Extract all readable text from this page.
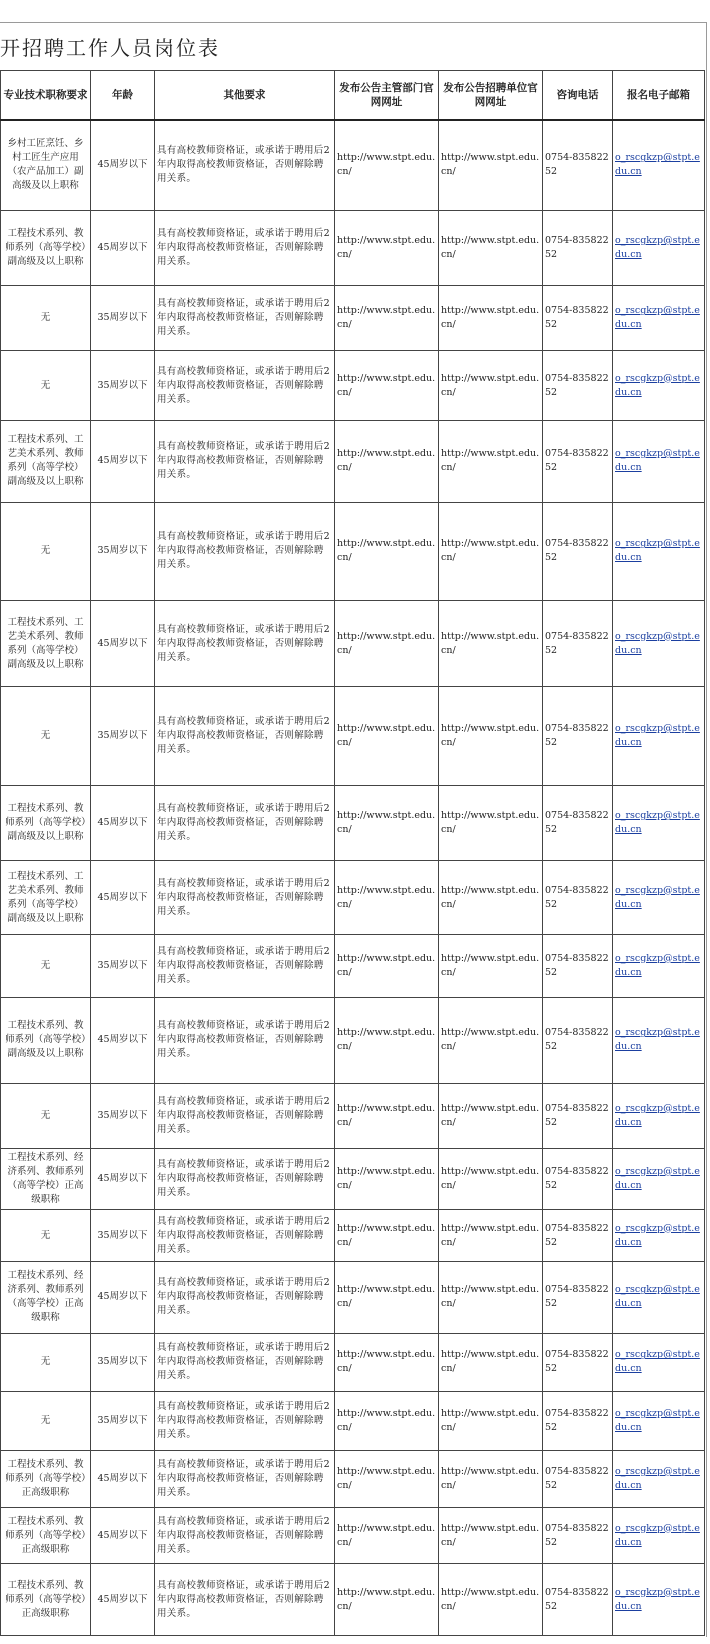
开招聘工作人员岗位表
专业技术职称要求	年龄	其他要求	发布公告主管部门官网网址	发布公告招聘单位官网网址	咨询电话	报名电子邮箱
乡村工匠烹饪、乡村工匠生产应用（农产品加工）副高级及以上职称	45周岁以下	具有高校教师资格证，或承诺于聘用后2年内取得高校教师资格证，否则解除聘用关系。	http://www.stpt.edu.cn/	http://www.stpt.edu.cn/	0754-83582252	o_rscgkzp@stpt.edu.cn
工程技术系列、教师系列（高等学校）副高级及以上职称	45周岁以下	具有高校教师资格证，或承诺于聘用后2年内取得高校教师资格证，否则解除聘用关系。	http://www.stpt.edu.cn/	http://www.stpt.edu.cn/	0754-83582252	o_rscgkzp@stpt.edu.cn
无	35周岁以下	具有高校教师资格证，或承诺于聘用后2年内取得高校教师资格证，否则解除聘用关系。	http://www.stpt.edu.cn/	http://www.stpt.edu.cn/	0754-83582252	o_rscgkzp@stpt.edu.cn
无	35周岁以下	具有高校教师资格证，或承诺于聘用后2年内取得高校教师资格证，否则解除聘用关系。	http://www.stpt.edu.cn/	http://www.stpt.edu.cn/	0754-83582252	o_rscgkzp@stpt.edu.cn
工程技术系列、工艺美术系列、教师系列（高等学校）副高级及以上职称	45周岁以下	具有高校教师资格证，或承诺于聘用后2年内取得高校教师资格证，否则解除聘用关系。	http://www.stpt.edu.cn/	http://www.stpt.edu.cn/	0754-83582252	o_rscgkzp@stpt.edu.cn
无	35周岁以下	具有高校教师资格证，或承诺于聘用后2年内取得高校教师资格证，否则解除聘用关系。	http://www.stpt.edu.cn/	http://www.stpt.edu.cn/	0754-83582252	o_rscgkzp@stpt.edu.cn
工程技术系列、工艺美术系列、教师系列（高等学校）副高级及以上职称	45周岁以下	具有高校教师资格证，或承诺于聘用后2年内取得高校教师资格证，否则解除聘用关系。	http://www.stpt.edu.cn/	http://www.stpt.edu.cn/	0754-83582252	o_rscgkzp@stpt.edu.cn
无	35周岁以下	具有高校教师资格证，或承诺于聘用后2年内取得高校教师资格证，否则解除聘用关系。	http://www.stpt.edu.cn/	http://www.stpt.edu.cn/	0754-83582252	o_rscgkzp@stpt.edu.cn
工程技术系列、教师系列（高等学校）副高级及以上职称	45周岁以下	具有高校教师资格证，或承诺于聘用后2年内取得高校教师资格证，否则解除聘用关系。	http://www.stpt.edu.cn/	http://www.stpt.edu.cn/	0754-83582252	o_rscgkzp@stpt.edu.cn
工程技术系列、工艺美术系列、教师系列（高等学校）副高级及以上职称	45周岁以下	具有高校教师资格证，或承诺于聘用后2年内取得高校教师资格证，否则解除聘用关系。	http://www.stpt.edu.cn/	http://www.stpt.edu.cn/	0754-83582252	o_rscgkzp@stpt.edu.cn
无	35周岁以下	具有高校教师资格证，或承诺于聘用后2年内取得高校教师资格证，否则解除聘用关系。	http://www.stpt.edu.cn/	http://www.stpt.edu.cn/	0754-83582252	o_rscgkzp@stpt.edu.cn
工程技术系列、教师系列（高等学校）副高级及以上职称	45周岁以下	具有高校教师资格证，或承诺于聘用后2年内取得高校教师资格证，否则解除聘用关系。	http://www.stpt.edu.cn/	http://www.stpt.edu.cn/	0754-83582252	o_rscgkzp@stpt.edu.cn
无	35周岁以下	具有高校教师资格证，或承诺于聘用后2年内取得高校教师资格证，否则解除聘用关系。	http://www.stpt.edu.cn/	http://www.stpt.edu.cn/	0754-83582252	o_rscgkzp@stpt.edu.cn
工程技术系列、经济系列、教师系列（高等学校）正高级职称	45周岁以下	具有高校教师资格证，或承诺于聘用后2年内取得高校教师资格证，否则解除聘用关系。	http://www.stpt.edu.cn/	http://www.stpt.edu.cn/	0754-83582252	o_rscgkzp@stpt.edu.cn
无	35周岁以下	具有高校教师资格证，或承诺于聘用后2年内取得高校教师资格证，否则解除聘用关系。	http://www.stpt.edu.cn/	http://www.stpt.edu.cn/	0754-83582252	o_rscgkzp@stpt.edu.cn
工程技术系列、经济系列、教师系列（高等学校）正高级职称	45周岁以下	具有高校教师资格证，或承诺于聘用后2年内取得高校教师资格证，否则解除聘用关系。	http://www.stpt.edu.cn/	http://www.stpt.edu.cn/	0754-83582252	o_rscgkzp@stpt.edu.cn
无	35周岁以下	具有高校教师资格证，或承诺于聘用后2年内取得高校教师资格证，否则解除聘用关系。	http://www.stpt.edu.cn/	http://www.stpt.edu.cn/	0754-83582252	o_rscgkzp@stpt.edu.cn
无	35周岁以下	具有高校教师资格证，或承诺于聘用后2年内取得高校教师资格证，否则解除聘用关系。	http://www.stpt.edu.cn/	http://www.stpt.edu.cn/	0754-83582252	o_rscgkzp@stpt.edu.cn
工程技术系列、教师系列（高等学校）正高级职称	45周岁以下	具有高校教师资格证，或承诺于聘用后2年内取得高校教师资格证，否则解除聘用关系。	http://www.stpt.edu.cn/	http://www.stpt.edu.cn/	0754-83582252	o_rscgkzp@stpt.edu.cn
工程技术系列、教师系列（高等学校）正高级职称	45周岁以下	具有高校教师资格证，或承诺于聘用后2年内取得高校教师资格证，否则解除聘用关系。	http://www.stpt.edu.cn/	http://www.stpt.edu.cn/	0754-83582252	o_rscgkzp@stpt.edu.cn
工程技术系列、教师系列（高等学校）正高级职称	45周岁以下	具有高校教师资格证，或承诺于聘用后2年内取得高校教师资格证，否则解除聘用关系。	http://www.stpt.edu.cn/	http://www.stpt.edu.cn/	0754-83582252	o_rscgkzp@stpt.edu.cn
